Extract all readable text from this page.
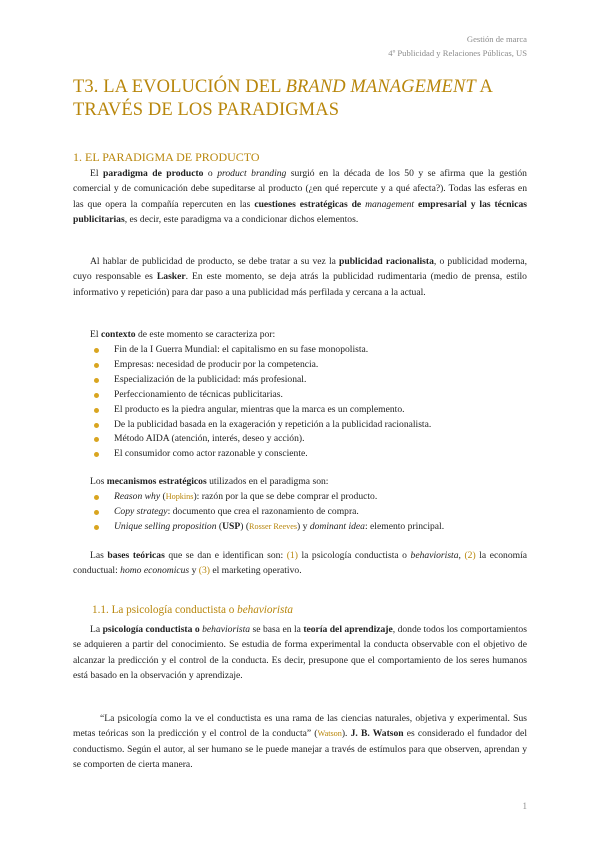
Gestión de marca
4º Publicidad y Relaciones Públicas, US
T3. LA EVOLUCIÓN DEL BRAND MANAGEMENT A TRAVÉS DE LOS PARADIGMAS
1. EL PARADIGMA DE PRODUCTO

El paradigma de producto o product branding surgió en la década de los 50 y se afirma que la gestión comercial y de comunicación debe supeditarse al producto (¿en qué repercute y a qué afecta?). Todas las esferas en las que opera la compañía repercuten en las cuestiones estratégicas de management empresarial y las técnicas publicitarias, es decir, este paradigma va a condicionar dichos elementos.

Al hablar de publicidad de producto, se debe tratar a su vez la publicidad racionalista, o publicidad moderna, cuyo responsable es Lasker. En este momento, se deja atrás la publicidad rudimentaria (medio de prensa, estilo informativo y repetición) para dar paso a una publicidad más perfilada y cercana a la actual.

El contexto de este momento se caracteriza por:

Fin de la I Guerra Mundial: el capitalismo en su fase monopolista.
Empresas: necesidad de producir por la competencia.
Especialización de la publicidad: más profesional.
Perfeccionamiento de técnicas publicitarias.
El producto es la piedra angular, mientras que la marca es un complemento.
De la publicidad basada en la exageración y repetición a la publicidad racionalista.
Método AIDA (atención, interés, deseo y acción).
El consumidor como actor razonable y consciente.

Los mecanismos estratégicos utilizados en el paradigma son:

Reason why (Hopkins): razón por la que se debe comprar el producto.
Copy strategy: documento que crea el razonamiento de compra.
Unique selling proposition (USP) (Rosser Reeves) y dominant idea: elemento principal.

Las bases teóricas que se dan e identifican son: (1) la psicología conductista o behaviorista, (2) la economía conductual: homo economicus y (3) el marketing operativo.

1.1. La psicología conductista o behaviorista

La psicología conductista o behaviorista se basa en la teoría del aprendizaje, donde todos los comportamientos se adquieren a partir del conocimiento. Se estudia de forma experimental la conducta observable con el objetivo de alcanzar la predicción y el control de la conducta. Es decir, presupone que el comportamiento de los seres humanos está basado en la observación y aprendizaje.

“La psicología como la ve el conductista es una rama de las ciencias naturales, objetiva y experimental. Sus metas teóricas son la predicción y el control de la conducta” (Watson). J. B. Watson es considerado el fundador del conductismo. Según el autor, al ser humano se le puede manejar a través de estímulos para que observen, aprendan y se comporten de cierta manera.

1
